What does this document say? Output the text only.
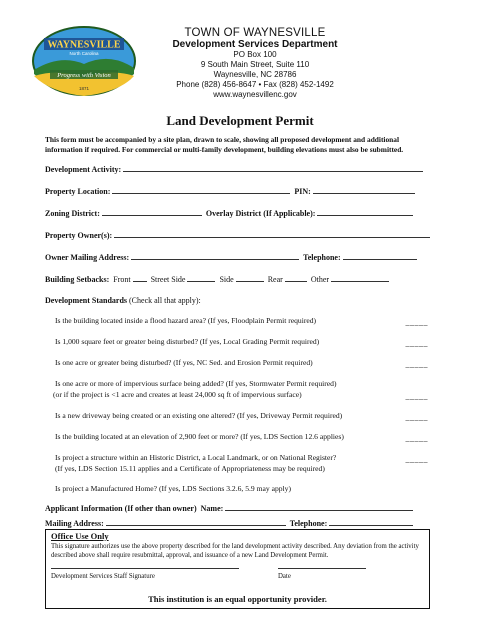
WAYNESVILLE
North Carolina
Progress with Vision
1871
TOWN OF WAYNESVILLE
Development Services Department
PO Box 100
9 South Main Street, Suite 110
Waynesville, NC 28786
Phone (828) 456-8647 • Fax (828) 452-1492
www.waynesvillenc.gov
Land Development Permit
This form must be accompanied by a site plan, drawn to scale, showing all proposed development and additional information if required. For commercial or multi-family development, building elevations must also be submitted.
Development Activity:
Property Location:	PIN:
Zoning District:	Overlay District (If Applicable):
Property Owner(s):
Owner Mailing Address:	Telephone:
Building Setbacks: Front	Street Side	Side	Rear	Other
Development Standards (Check all that apply):
Is the building located inside a flood hazard area? (If yes, Floodplain Permit required)	_____
Is 1,000 square feet or greater being disturbed? (If yes, Local Grading Permit required)	_____
Is one acre or greater being disturbed? (If yes, NC Sed. and Erosion Permit required)	_____
Is one acre or more of impervious surface being added? (If yes, Stormwater Permit required)
(or if the project is <1 acre and creates at least 24,000 sq ft of impervious surface)	_____
Is a new driveway being created or an existing one altered? (If yes, Driveway Permit required)	_____
Is the building located at an elevation of 2,900 feet or more? (If yes, LDS Section 12.6 applies)	_____
Is project a structure within an Historic District, a Local Landmark, or on National Register?	_____
(If yes, LDS Section 15.11 applies and a Certificate of Appropriateness may be required)
Is project a Manufactured Home? (If yes, LDS Sections 3.2.6, 5.9 may apply)
Applicant Information (If other than owner) Name:
Mailing Address:	Telephone:
Office Use Only
This signature authorizes use the above property described for the land development activity described. Any deviation from the activity described above shall require resubmittal, approval, and issuance of a new Land Development Permit.
Development Services Staff Signature	Date
This institution is an equal opportunity provider.
